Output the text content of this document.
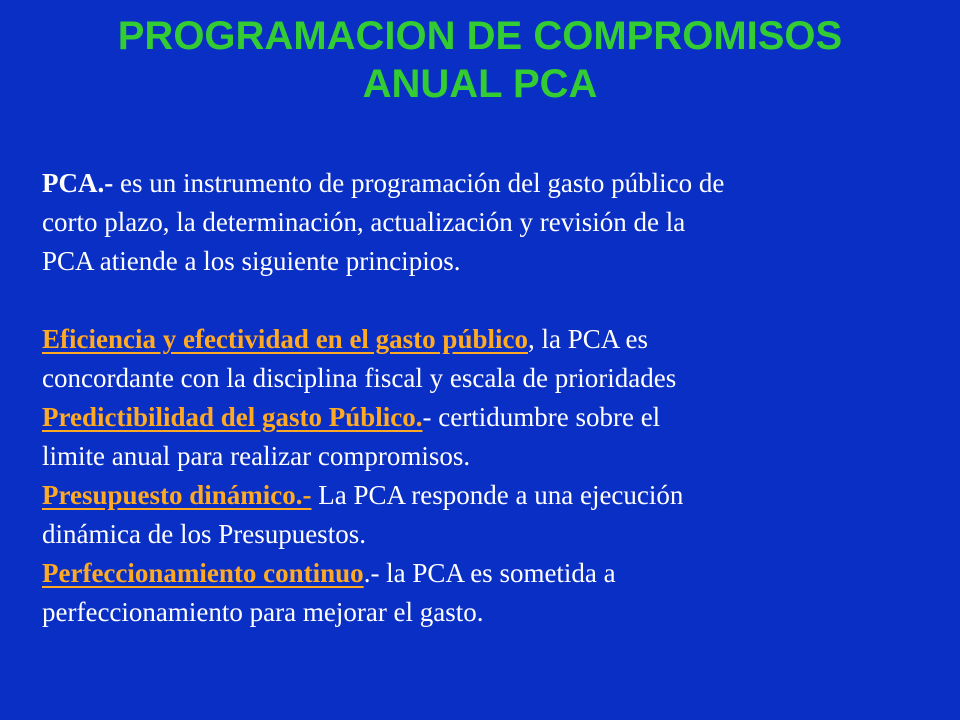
PROGRAMACION DE COMPROMISOS
ANUAL PCA

PCA.- es un instrumento de programación del gasto público de

corto plazo, la determinación, actualización y revisión de la

PCA atiende a los siguiente principios.

Eficiencia y efectividad en el gasto público, la PCA es

concordante con la disciplina fiscal y escala de prioridades

Predictibilidad del gasto Público.- certidumbre sobre el

limite anual para realizar compromisos.

Presupuesto dinámico.- La PCA responde a una ejecución

dinámica de los Presupuestos.

Perfeccionamiento continuo.- la PCA es sometida a

perfeccionamiento para mejorar el gasto.
